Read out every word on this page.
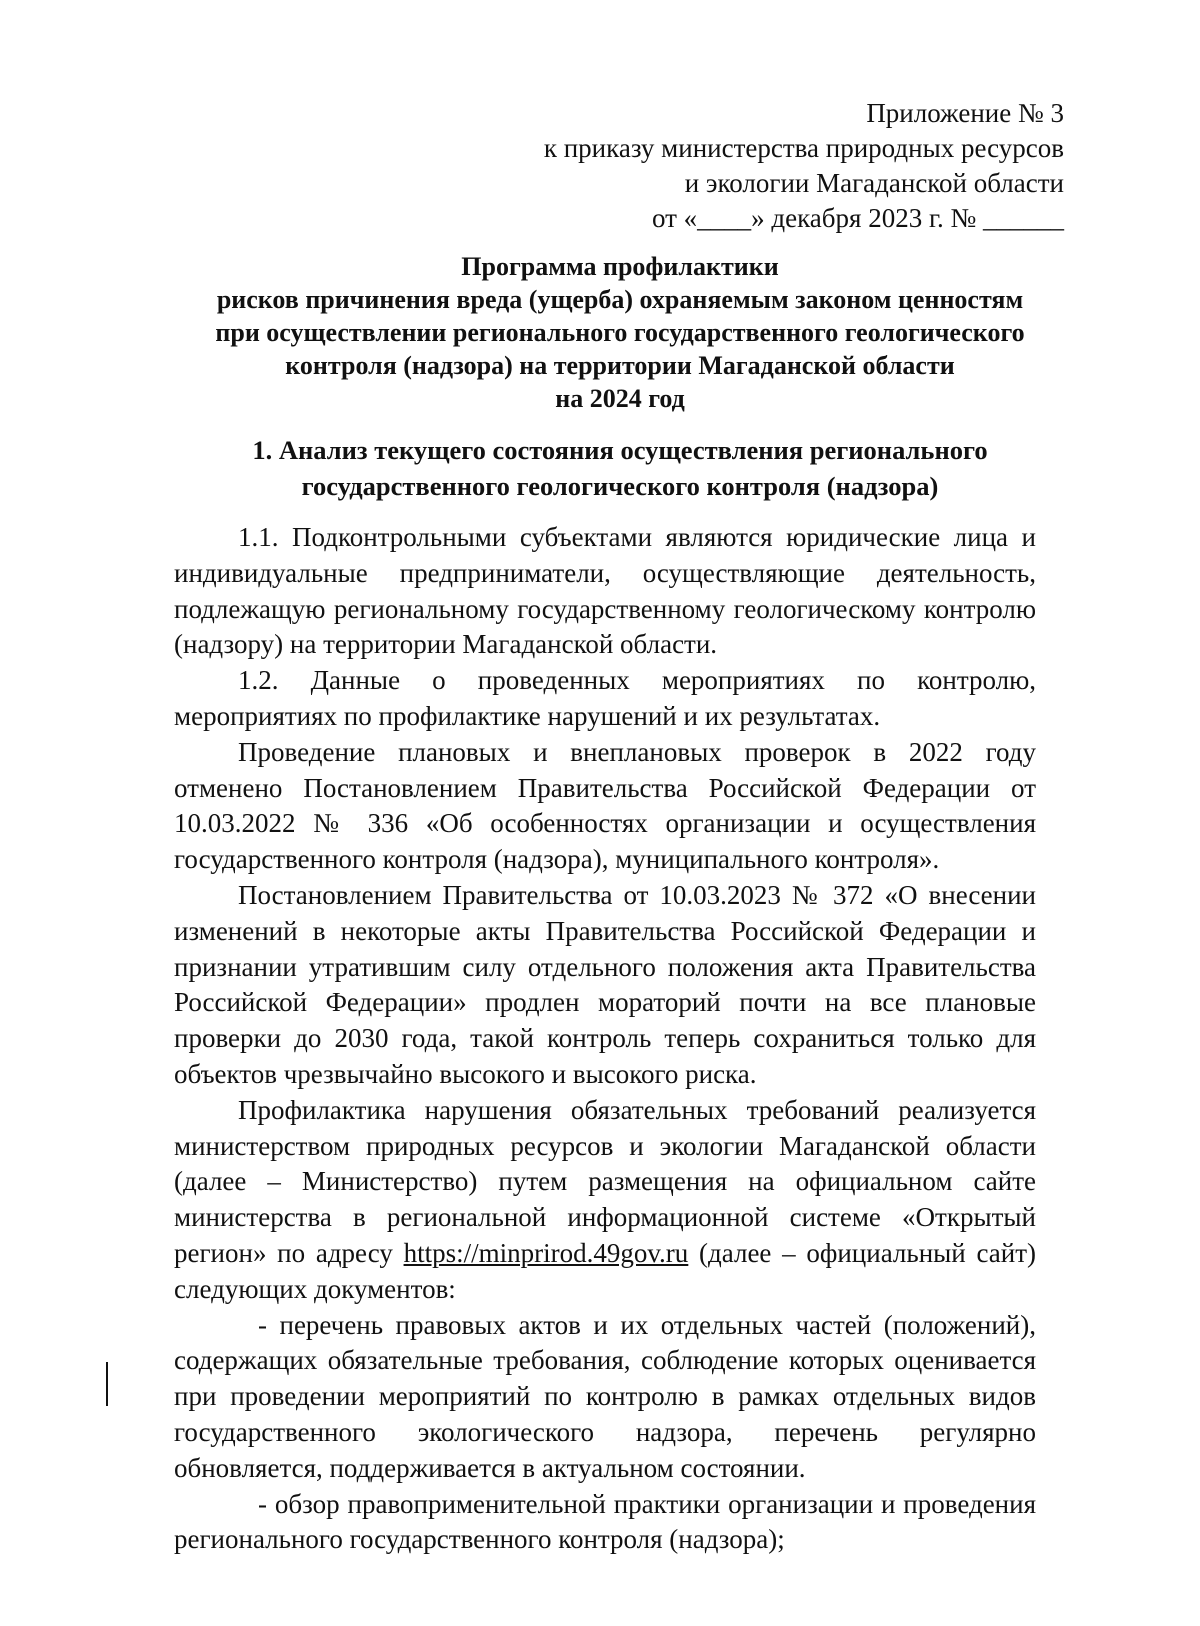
Приложение № 3
к приказу министерства природных ресурсов
и экологии Магаданской области
от «____» декабря 2023 г. № ______
Программа профилактики
рисков причинения вреда (ущерба) охраняемым законом ценностям
при осуществлении регионального государственного геологического
контроля (надзора) на территории Магаданской области
на 2024 год
1. Анализ текущего состояния осуществления регионального
государственного геологического контроля (надзора)

1.1. Подконтрольными субъектами являются юридические лица и индивидуальные предприниматели, осуществляющие деятельность, подлежащую региональному государственному геологическому контролю (надзору) на территории Магаданской области.

1.2. Данные о проведенных мероприятиях по контролю, мероприятиях по профилактике нарушений и их результатах.

Проведение плановых и внеплановых проверок в 2022 году отменено Постановлением Правительства Российской Федерации от 10.03.2022 № 336 «Об особенностях организации и осуществления государственного контроля (надзора), муниципального контроля».

Постановлением Правительства от 10.03.2023 № 372 «О внесении изменений в некоторые акты Правительства Российской Федерации и признании утратившим силу отдельного положения акта Правительства Российской Федерации» продлен мораторий почти на все плановые проверки до 2030 года, такой контроль теперь сохраниться только для объектов чрезвычайно высокого и высокого риска.

Профилактика нарушения обязательных требований реализуется министерством природных ресурсов и экологии Магаданской области (далее – Министерство) путем размещения на официальном сайте министерства в региональной информационной системе «Открытый регион» по адресу https://minprirod.49gov.ru (далее – официальный сайт) следующих документов:

- перечень правовых актов и их отдельных частей (положений), содержащих обязательные требования, соблюдение которых оценивается при проведении мероприятий по контролю в рамках отдельных видов государственного экологического надзора, перечень регулярно обновляется, поддерживается в актуальном состоянии.

- обзор правоприменительной практики организации и проведения регионального государственного контроля (надзора);
